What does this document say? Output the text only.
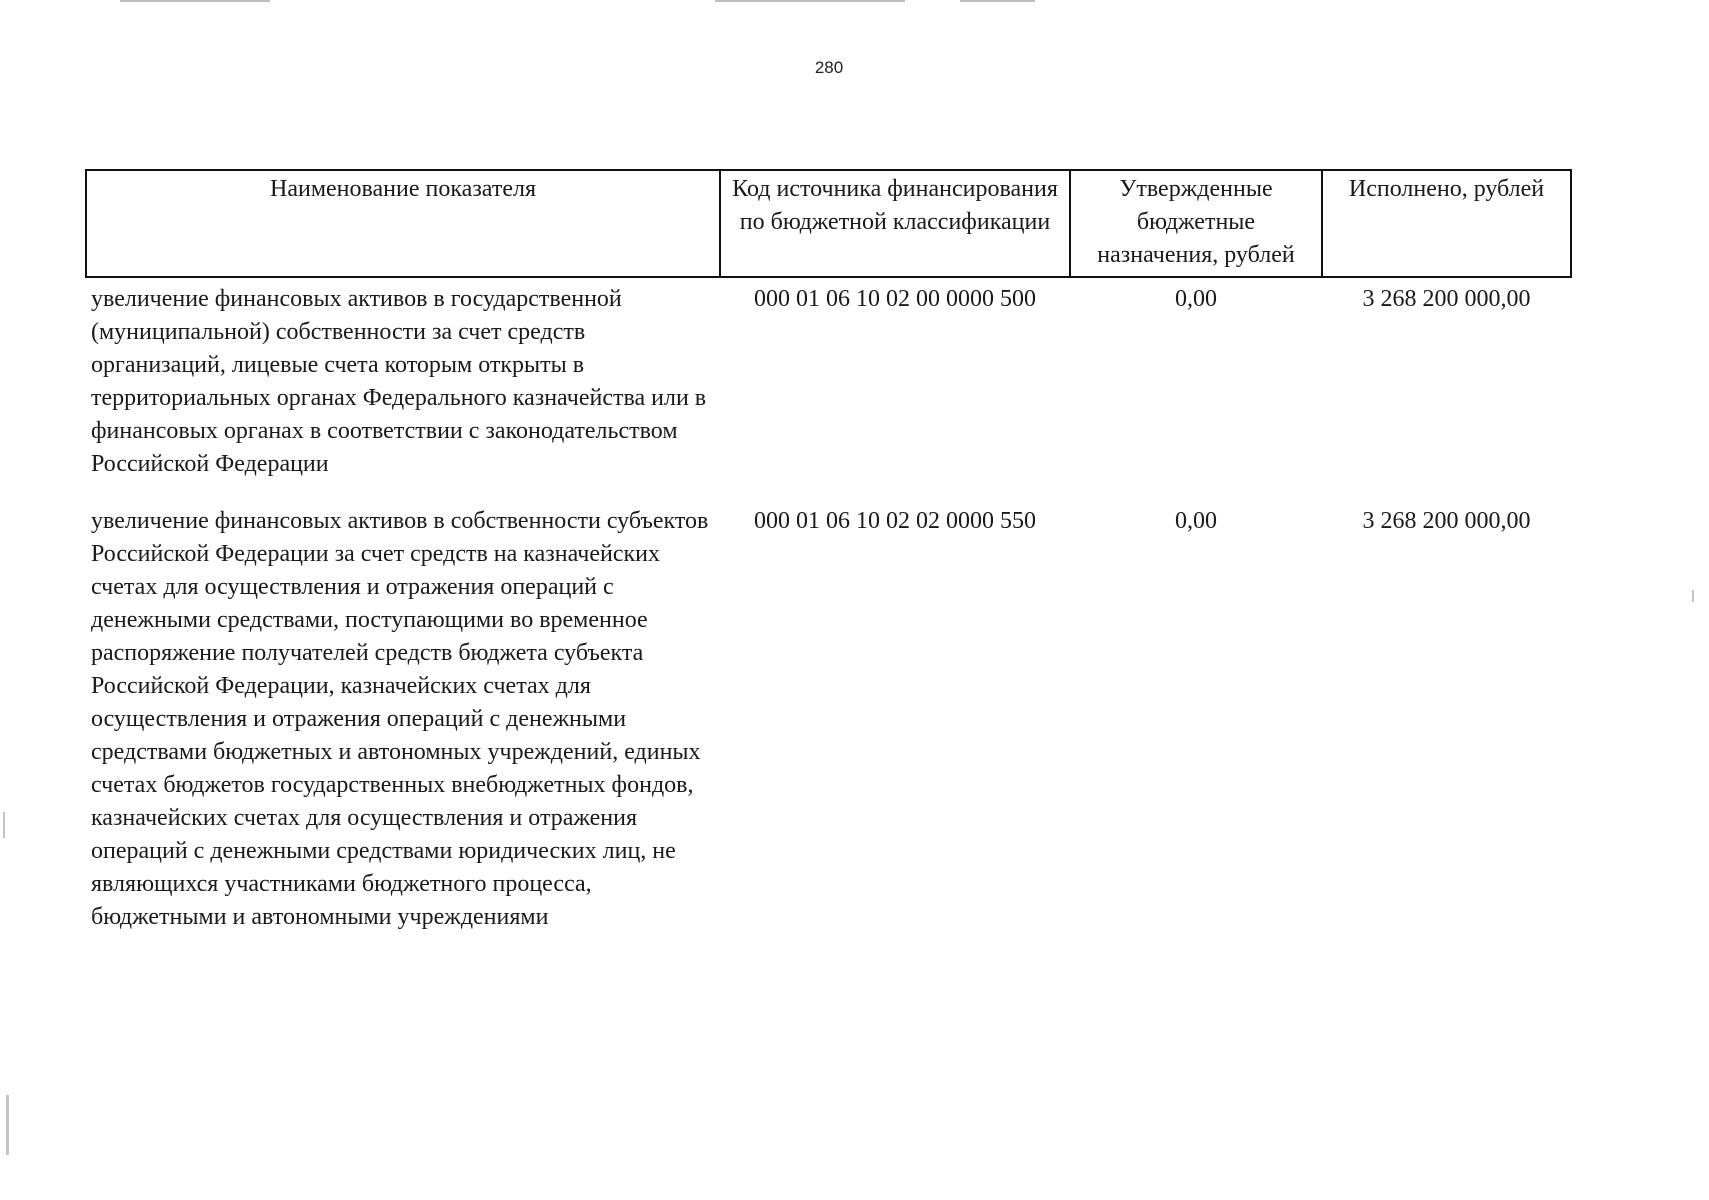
280
Наименование показателя	Код источника финансирования по бюджетной классификации	Утвержденные бюджетные назначения, рублей	Исполнено, рублей
увеличение финансовых активов в государственной (муниципальной) собственности за счет средств организаций, лицевые счета которым открыты в территориальных органах Федерального казначейства или в финансовых органах в соответствии с законодательством Российской Федерации	000 01 06 10 02 00 0000 500	0,00	3 268 200 000,00
увеличение финансовых активов в собственности субъектов Российской Федерации за счет средств на казначейских счетах для осуществления и отражения операций с денежными средствами, поступающими во временное распоряжение получателей средств бюджета субъекта Российской Федерации, казначейских счетах для осуществления и отражения операций с денежными средствами бюджетных и автономных учреждений, единых счетах бюджетов государственных внебюджетных фондов, казначейских счетах для осуществления и отражения операций с денежными средствами юридических лиц, не являющихся участниками бюджетного процесса, бюджетными и автономными учреждениями	000 01 06 10 02 02 0000 550	0,00	3 268 200 000,00
